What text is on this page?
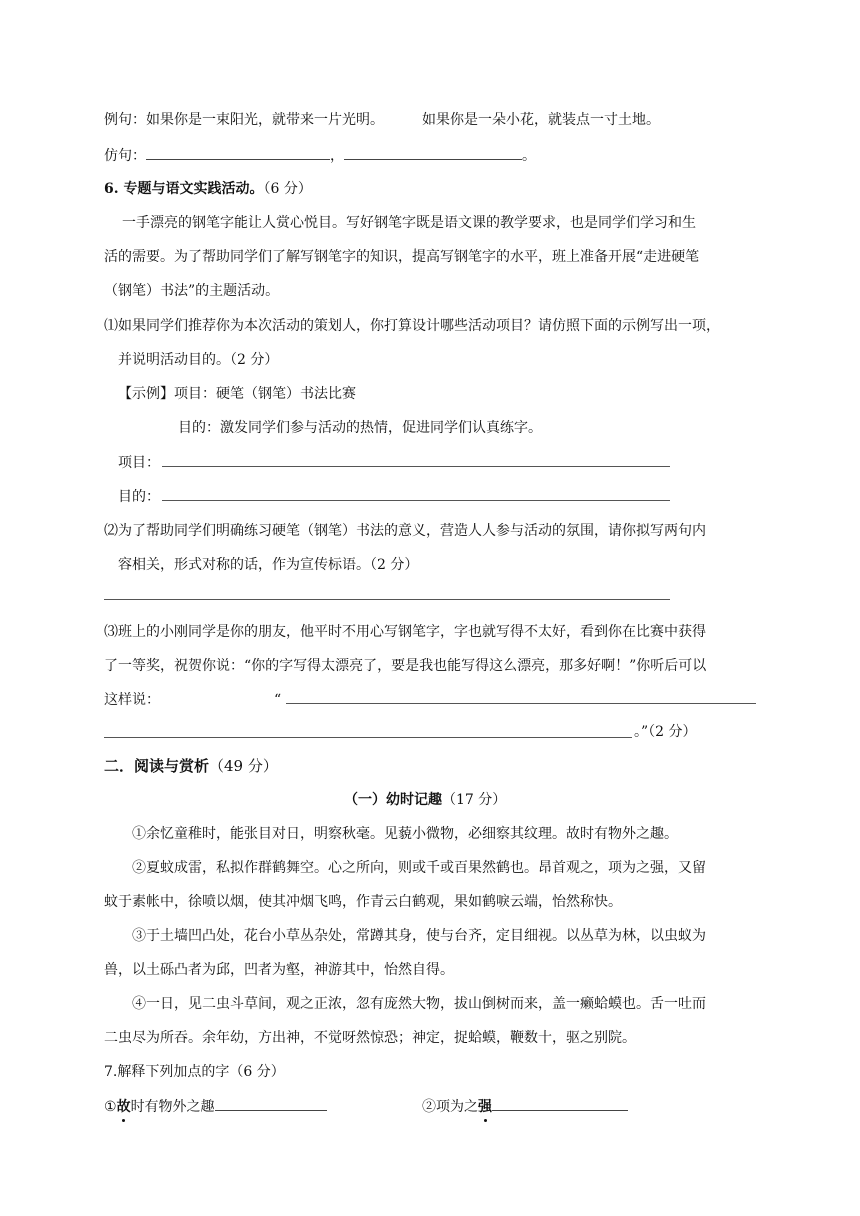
例句：如果你是一束阳光，就带来一片光明。	如果你是一朵小花，就装点一寸土地。
仿句：	，	。
6. 专题与语文实践活动。（6 分）
一手漂亮的钢笔字能让人赏心悦目。写好钢笔字既是语文课的教学要求，也是同学们学习和生
活的需要。为了帮助同学们了解写钢笔字的知识，提高写钢笔字的水平，班上准备开展“走进硬笔
（钢笔）书法”的主题活动。
⑴如果同学们推荐你为本次活动的策划人，你打算设计哪些活动项目？请仿照下面的示例写出一项，
并说明活动目的。（2 分）
【示例】项目：硬笔（钢笔）书法比赛
目的：激发同学们参与活动的热情，促进同学们认真练字。
项目：
目的：
⑵为了帮助同学们明确练习硬笔（钢笔）书法的意义，营造人人参与活动的氛围，请你拟写两句内
容相关，形式对称的话，作为宣传标语。（2 分）
⑶班上的小刚同学是你的朋友，他平时不用心写钢笔字，字也就写得不太好，看到你在比赛中获得
了一等奖，祝贺你说：“你的字写得太漂亮了，要是我也能写得这么漂亮，那多好啊！”你听后可以
这样说：	“
。”（2 分）
二．阅读与赏析（49 分）
（一）幼时记趣（17 分）
①余忆童稚时，能张目对日，明察秋毫。见藐小微物，必细察其纹理。故时有物外之趣。
②夏蚊成雷，私拟作群鹤舞空。心之所向，则或千或百果然鹤也。昂首观之，项为之强，又留
蚊于素帐中，徐喷以烟，使其冲烟飞鸣，作青云白鹤观，果如鹤唳云端，怡然称快。
③于土墙凹凸处，花台小草丛杂处，常蹲其身，使与台齐，定目细视。以丛草为林，以虫蚁为
兽，以土砾凸者为邱，凹者为壑，神游其中，怡然自得。
④一日，见二虫斗草间，观之正浓，忽有庞然大物，拔山倒树而来，盖一癞蛤蟆也。舌一吐而
二虫尽为所吞。余年幼，方出神，不觉呀然惊恐；神定，捉蛤蟆，鞭数十，驱之别院。
7.解释下列加点的字（6 分）
①故时有物外之趣	②项为之强
